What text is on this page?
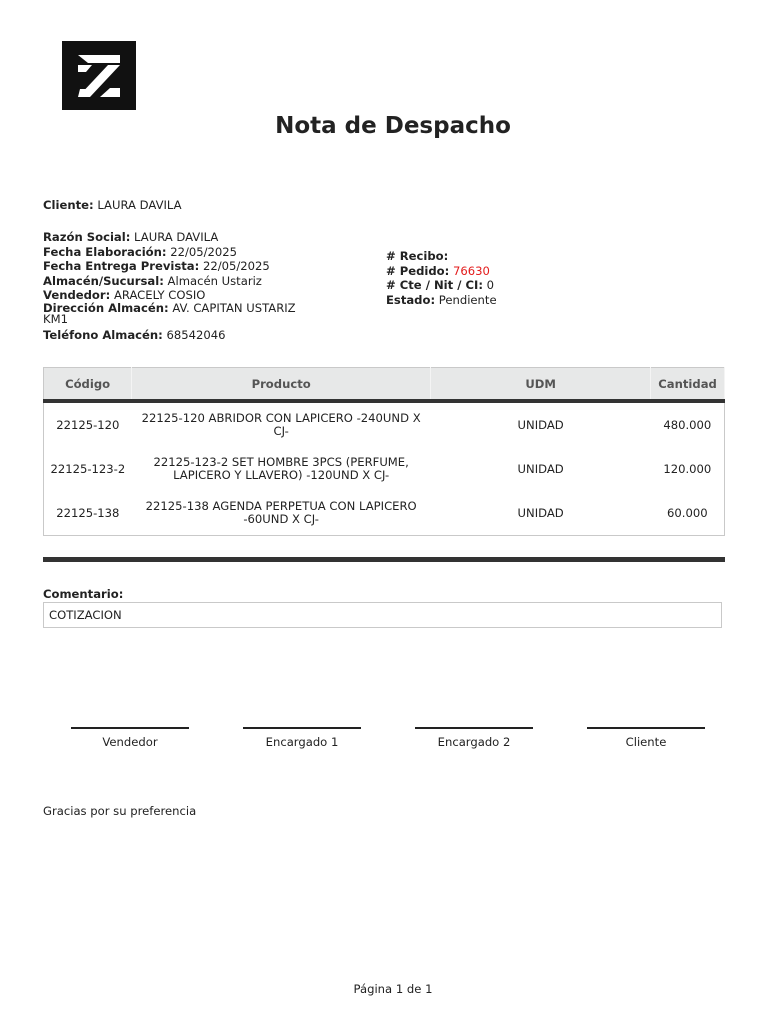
Nota de Despacho
Cliente: LAURA DAVILA
Razón Social: LAURA DAVILA
Fecha Elaboración: 22/05/2025
Fecha Entrega Prevista: 22/05/2025
Almacén/Sucursal: Almacén Ustariz
Vendedor: ARACELY COSIO
Dirección Almacén: AV. CAPITAN USTARIZ KM1
Teléfono Almacén: 68542046
# Recibo:
# Pedido: 76630
# Cte / Nit / CI: 0
Estado: Pendiente
Código	Producto	UDM	Cantidad
22125-120	22125-120 ABRIDOR CON LAPICERO -240UND X CJ-	UNIDAD	480.000
22125-123-2	22125-123-2 SET HOMBRE 3PCS (PERFUME, LAPICERO Y LLAVERO) -120UND X CJ-	UNIDAD	120.000
22125-138	22125-138 AGENDA PERPETUA CON LAPICERO -60UND X CJ-	UNIDAD	60.000
Comentario:
COTIZACION
Vendedor	Encargado 1	Encargado 2	Cliente
Gracias por su preferencia
Página 1 de 1
